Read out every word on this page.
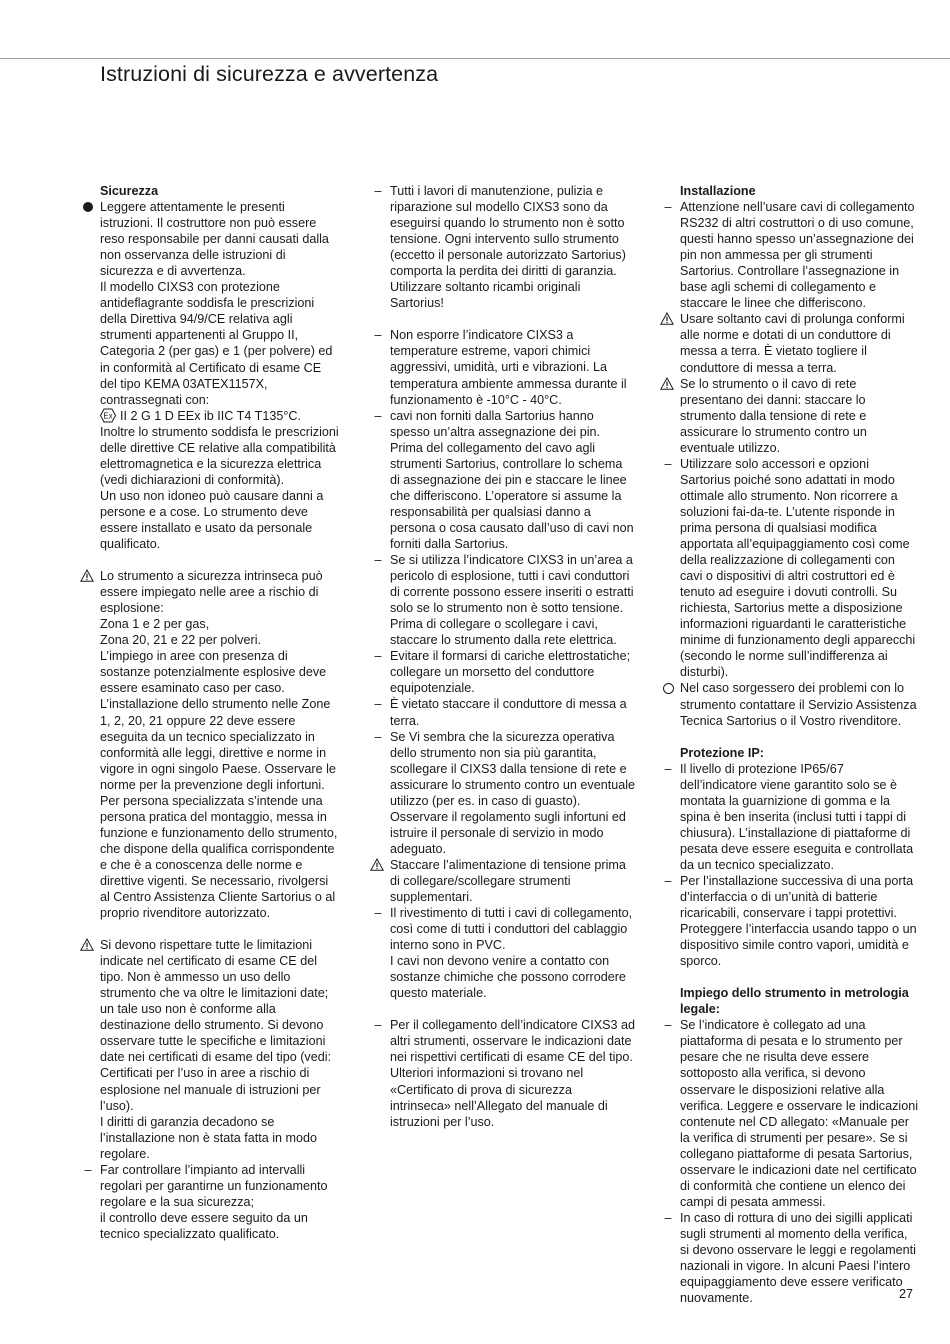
Istruzioni di sicurezza e avvertenza

Sicurezza

Leggere attentamente le presenti istruzioni. Il costruttore non può essere reso responsabile per danni causati dalla non osservanza delle istruzioni di sicurezza e di avvertenza.

Il modello CIXS3 con protezione antideflagrante soddisfa le prescrizioni della Direttiva 94/9/CE relativa agli strumenti appartenenti al Gruppo II, Categoria 2 (per gas) e 1 (per polvere) ed in conformità al Certificato di esame CE del tipo KEMA 03ATEX1157X, contrassegnati con:

Ex II 2 G 1 D EEx ib IIC T4 T135°C.

Inoltre lo strumento soddisfa le prescrizioni delle direttive CE relative alla compatibilità elettromagnetica e la sicurezza elettrica (vedi dichiarazioni di conformità).

Un uso non idoneo può causare danni a persone e a cose. Lo strumento deve essere installato e usato da personale qualificato.

Lo strumento a sicurezza intrinseca può essere impiegato nelle aree a rischio di esplosione:

Zona 1 e 2 per gas,

Zona 20, 21 e 22 per polveri.

L’impiego in aree con presenza di sostanze potenzialmente esplosive deve essere esaminato caso per caso. L’installazione dello strumento nelle Zone 1, 2, 20, 21 oppure 22 deve essere eseguita da un tecnico specializzato in conformità alle leggi, direttive e norme in vigore in ogni singolo Paese. Osservare le norme per la prevenzione degli infortuni. Per persona specializzata s’intende una persona pratica del montaggio, messa in funzione e funzionamento dello strumento, che dispone della qualifica corrispondente e che è a conoscenza delle norme e direttive vigenti. Se necessario, rivolgersi al Centro Assistenza Cliente Sartorius o al proprio rivenditore autorizzato.

Si devono rispettare tutte le limitazioni indicate nel certificato di esame CE del tipo. Non è ammesso un uso dello strumento che va oltre le limitazioni date; un tale uso non è conforme alla destinazione dello strumento. Si devono osservare tutte le specifiche e limitazioni date nei certificati di esame del tipo (vedi: Certificati per l’uso in aree a rischio di esplosione nel manuale di istruzioni per l’uso).

I diritti di garanzia decadono se l’installazione non è stata fatta in modo regolare.

– Far controllare l’impianto ad intervalli regolari per garantirne un funzionamento regolare e la sua sicurezza;

il controllo deve essere seguito da un tecnico specializzato qualificato.

– Tutti i lavori di manutenzione, pulizia e riparazione sul modello CIXS3 sono da eseguirsi quando lo strumento non è sotto tensione. Ogni intervento sullo strumento (eccetto il personale autorizzato Sartorius) comporta la perdita dei diritti di garanzia. Utilizzare soltanto ricambi originali Sartorius!

– Non esporre l’indicatore CIXS3 a temperature estreme, vapori chimici aggressivi, umidità, urti e vibrazioni. La temperatura ambiente ammessa durante il funzionamento è -10°C - 40°C.

– cavi non forniti dalla Sartorius hanno spesso un’altra assegnazione dei pin. Prima del collegamento del cavo agli strumenti Sartorius, controllare lo schema di assegnazione dei pin e staccare le linee che differiscono. L’operatore si assume la responsabilità per qualsiasi danno a persona o cosa causato dall’uso di cavi non forniti dalla Sartorius.

– Se si utilizza l’indicatore CIXS3 in un’area a pericolo di esplosione, tutti i cavi conduttori di corrente possono essere inseriti o estratti solo se lo strumento non è sotto tensione. Prima di collegare o scollegare i cavi, staccare lo strumento dalla rete elettrica.

– Evitare il formarsi di cariche elettrostatiche; collegare un morsetto del conduttore equipotenziale.

– È vietato staccare il conduttore di messa a terra.

– Se Vi sembra che la sicurezza operativa dello strumento non sia più garantita, scollegare il CIXS3 dalla tensione di rete e assicurare lo strumento contro un eventuale utilizzo (per es. in caso di guasto). Osservare il regolamento sugli infortuni ed istruire il personale di servizio in modo adeguato.

Staccare l’alimentazione di tensione prima di collegare/scollegare strumenti supplementari.

– Il rivestimento di tutti i cavi di collegamento, così come di tutti i conduttori del cablaggio interno sono in PVC.

I cavi non devono venire a contatto con sostanze chimiche che possono corrodere questo materiale.

– Per il collegamento dell’indicatore CIXS3 ad altri strumenti, osservare le indicazioni date nei rispettivi certificati di esame CE del tipo. Ulteriori informazioni si trovano nel «Certificato di prova di sicurezza intrinseca» nell’Allegato del manuale di istruzioni per l’uso.

Installazione

– Attenzione nell’usare cavi di collegamento RS232 di altri costruttori o di uso comune, questi hanno spesso un’assegnazione dei pin non ammessa per gli strumenti Sartorius. Controllare l’assegnazione in base agli schemi di collegamento e staccare le linee che differiscono.

Usare soltanto cavi di prolunga conformi alle norme e dotati di un conduttore di messa a terra. È vietato togliere il conduttore di messa a terra.

Se lo strumento o il cavo di rete presentano dei danni: staccare lo strumento dalla tensione di rete e assicurare lo strumento contro un eventuale utilizzo.

– Utilizzare solo accessori e opzioni Sartorius poiché sono adattati in modo ottimale allo strumento. Non ricorrere a soluzioni fai-da-te. L’utente risponde in prima persona di qualsiasi modifica apportata all’equipaggiamento così come della realizzazione di collegamenti con cavi o dispositivi di altri costruttori ed è tenuto ad eseguire i dovuti controlli. Su richiesta, Sartorius mette a disposizione informazioni riguardanti le caratteristiche minime di funzionamento degli apparecchi (secondo le norme sull’indifferenza ai disturbi).

Nel caso sorgessero dei problemi con lo strumento contattare il Servizio Assistenza Tecnica Sartorius o il Vostro rivenditore.

Protezione IP:

– Il livello di protezione IP65/67 dell’indicatore viene garantito solo se è montata la guarnizione di gomma e la spina è ben inserita (inclusi tutti i tappi di chiusura). L’installazione di piattaforme di pesata deve essere eseguita e controllata da un tecnico specializzato.

– Per l’installazione successiva di una porta d’interfaccia o di un’unità di batterie ricaricabili, conservare i tappi protettivi. Proteggere l’interfaccia usando tappo o un dispositivo simile contro vapori, umidità e sporco.

Impiego dello strumento in metrologia legale:

– Se l’indicatore è collegato ad una piattaforma di pesata e lo strumento per pesare che ne risulta deve essere sottoposto alla verifica, si devono osservare le disposizioni relative alla verifica. Leggere e osservare le indicazioni contenute nel CD allegato: «Manuale per la verifica di strumenti per pesare». Se si collegano piattaforme di pesata Sartorius, osservare le indicazioni date nel certificato di conformità che contiene un elenco dei campi di pesata ammessi.

– In caso di rottura di uno dei sigilli applicati sugli strumenti al momento della verifica, si devono osservare le leggi e regolamenti nazionali in vigore. In alcuni Paesi l’intero equipaggiamento deve essere verificato nuovamente.	27
